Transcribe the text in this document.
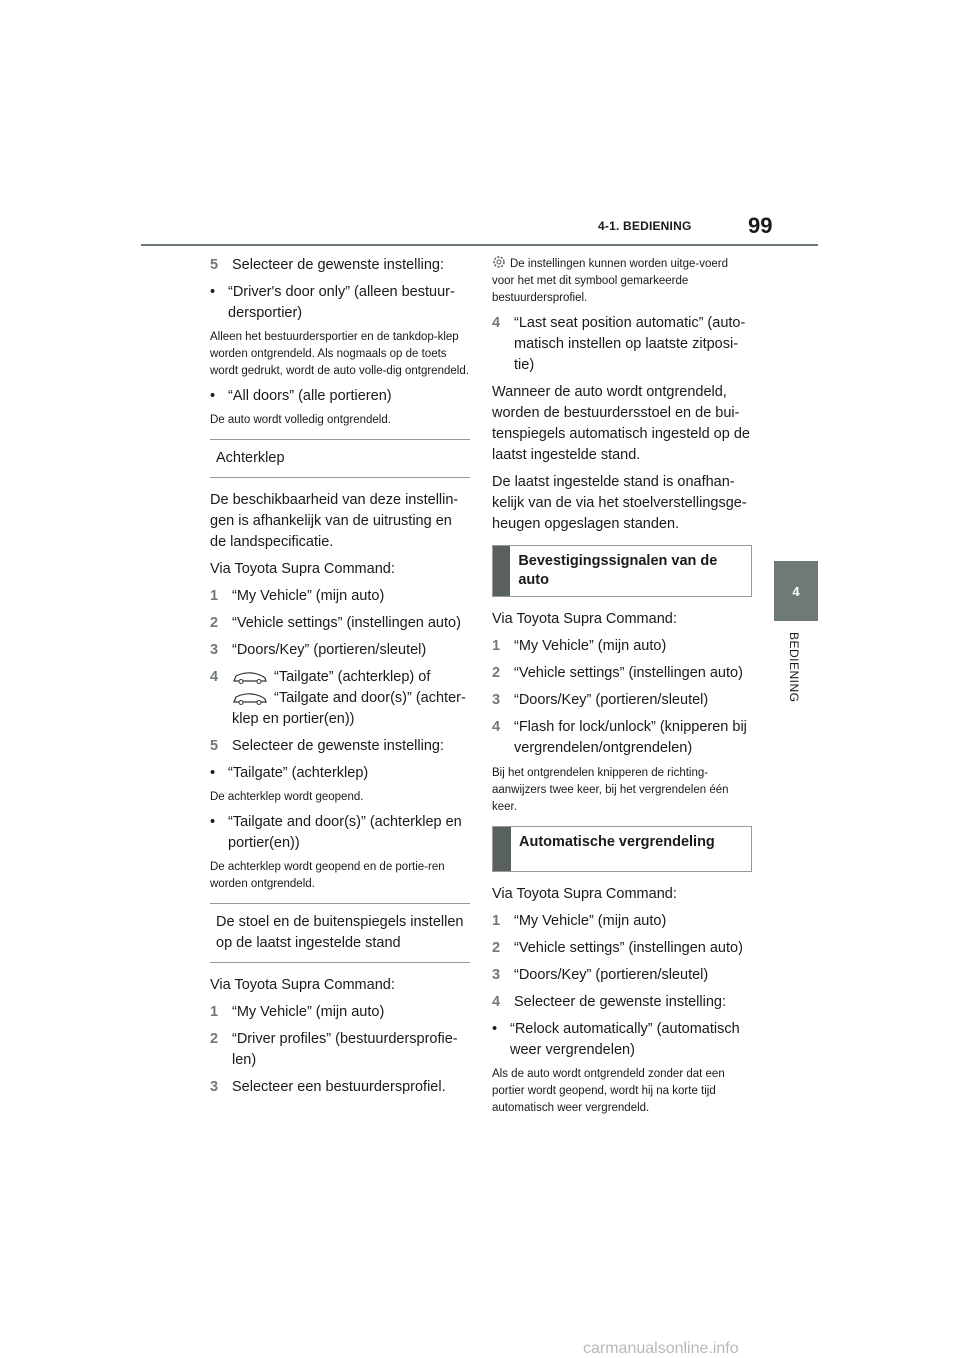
4-1. BEDIENING	99
4
BEDIENING
5 Selecteer de gewenste instelling:
• “Driver's door only” (alleen bestuur-dersportier)
Alleen het bestuurdersportier en de tankdop-klep worden ontgrendeld. Als nogmaals op de toets wordt gedrukt, wordt de auto volle-dig ontgrendeld.
• “All doors” (alle portieren)
De auto wordt volledig ontgrendeld.
Achterklep
De beschikbaarheid van deze instellin-gen is afhankelijk van de uitrusting en de landspecificatie.
Via Toyota Supra Command:
1 “My Vehicle” (mijn auto)
2 “Vehicle settings” (instellingen auto)
3 “Doors/Key” (portieren/sleutel)
4	“Tailgate” (achterklep) of
“Tailgate and door(s)” (achter-klep en portier(en))
5 Selecteer de gewenste instelling:
• “Tailgate” (achterklep)
De achterklep wordt geopend.
• “Tailgate and door(s)” (achterklep en portier(en))
De achterklep wordt geopend en de portie-ren worden ontgrendeld.
De stoel en de buitenspiegels instellen op de laatst ingestelde stand
Via Toyota Supra Command:
1 “My Vehicle” (mijn auto)
2 “Driver profiles” (bestuurdersprofie-len)
3 Selecteer een bestuurdersprofiel.
De instellingen kunnen worden uitge-voerd voor het met dit symbool gemarkeerde bestuurdersprofiel.
4 “Last seat position automatic” (auto-matisch instellen op laatste zitposi-tie)
Wanneer de auto wordt ontgrendeld, worden de bestuurdersstoel en de bui-tenspiegels automatisch ingesteld op de laatst ingestelde stand.
De laatst ingestelde stand is onafhan-kelijk van de via het stoelverstellingsge-heugen opgeslagen standen.
Bevestigingssignalen van de auto
Via Toyota Supra Command:
1 “My Vehicle” (mijn auto)
2 “Vehicle settings” (instellingen auto)
3 “Doors/Key” (portieren/sleutel)
4 “Flash for lock/unlock” (knipperen bij vergrendelen/ontgrendelen)
Bij het ontgrendelen knipperen de richting-aanwijzers twee keer, bij het vergrendelen één keer.
Automatische vergrendeling
Via Toyota Supra Command:
1 “My Vehicle” (mijn auto)
2 “Vehicle settings” (instellingen auto)
3 “Doors/Key” (portieren/sleutel)
4 Selecteer de gewenste instelling:
• “Relock automatically” (automatisch weer vergrendelen)
Als de auto wordt ontgrendeld zonder dat een portier wordt geopend, wordt hij na korte tijd automatisch weer vergrendeld.
carmanualsonline.info
